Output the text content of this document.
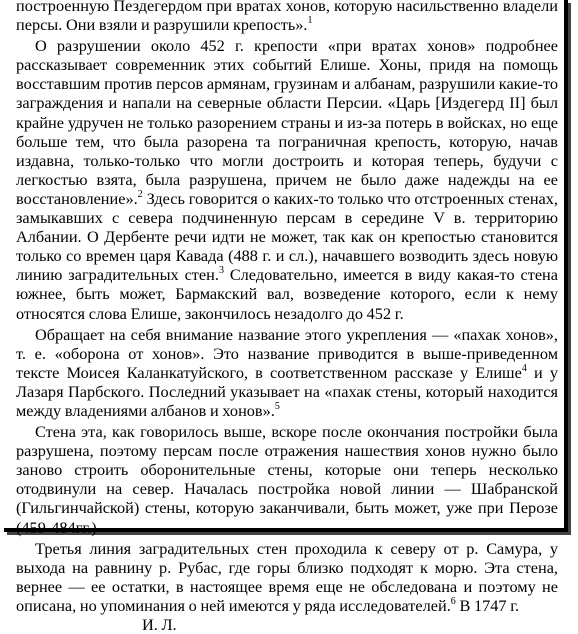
построенную Пездегердом при вратах хонов, которую насильственно владели персы. Они взяли и разрушили крепость».$^1$

О разрушении около 452 г. крепости «при вратах хонов» подробнее рассказывает современник этих событий Елише. Хоны, придя на помощь восставшим против персов армянам, грузинам и албанам, разрушили какие-то заграждения и напали на северные области Персии. «Царь [Издегерд II] был крайне удручен не только разорением страны и из-за потерь в войсках, но еще больше тем, что была разорена та пограничная крепость, которую, начав издавна, только-только что могли достроить и которая теперь, будучи с легкостью взята, была разрушена, причем не было даже надежды на ее восстановление».$^2$ Здесь говорится о каких-то только что отстроенных стенах, замыкавших с севера подчиненную персам в середине V в. территорию Албании. О Дербенте речи идти не может, так как он крепостью становится только со времен царя Кавада (488 г. и сл.), начавшего возводить здесь новую линию заградительных стен.$^3$ Следовательно, имеется в виду какая-то стена южнее, быть может, Бармакский вал, возведение которого, если к нему относятся слова Елише, закончилось незадолго до 452 г.

Обращает на себя внимание название этого укрепления — «пахак хонов», т. е. «оборона от хонов». Это название приводится в выше-приведенном тексте Моисея Каланкатуйского, в соответственном рассказе у Елише$^4$ и у Лазаря Парбского. Последний указывает на «пахак стены, который находится между владениями албанов и хонов».$^5$

Стена эта, как говорилось выше, вскоре после окончания постройки была разрушена, поэтому персам после отражения нашествия хонов нужно было заново строить оборонительные стены, которые они теперь несколько отодвинули на север. Началась постройка новой линии — Шабранской (Гильгинчайской) стены, которую заканчивали, быть может, уже при Перозе (459-484гг.)

Третья линия заградительных стен проходила к северу от р. Самура, у выхода на равнину р. Рубас, где горы близко подходят к морю. Эта стена, вернее — ее остатки, в настоящее время еще не обследована и поэтому не описана, но упоминания о ней имеются у ряда исследователей.$^6$ В 1747 г.

И. Л.
